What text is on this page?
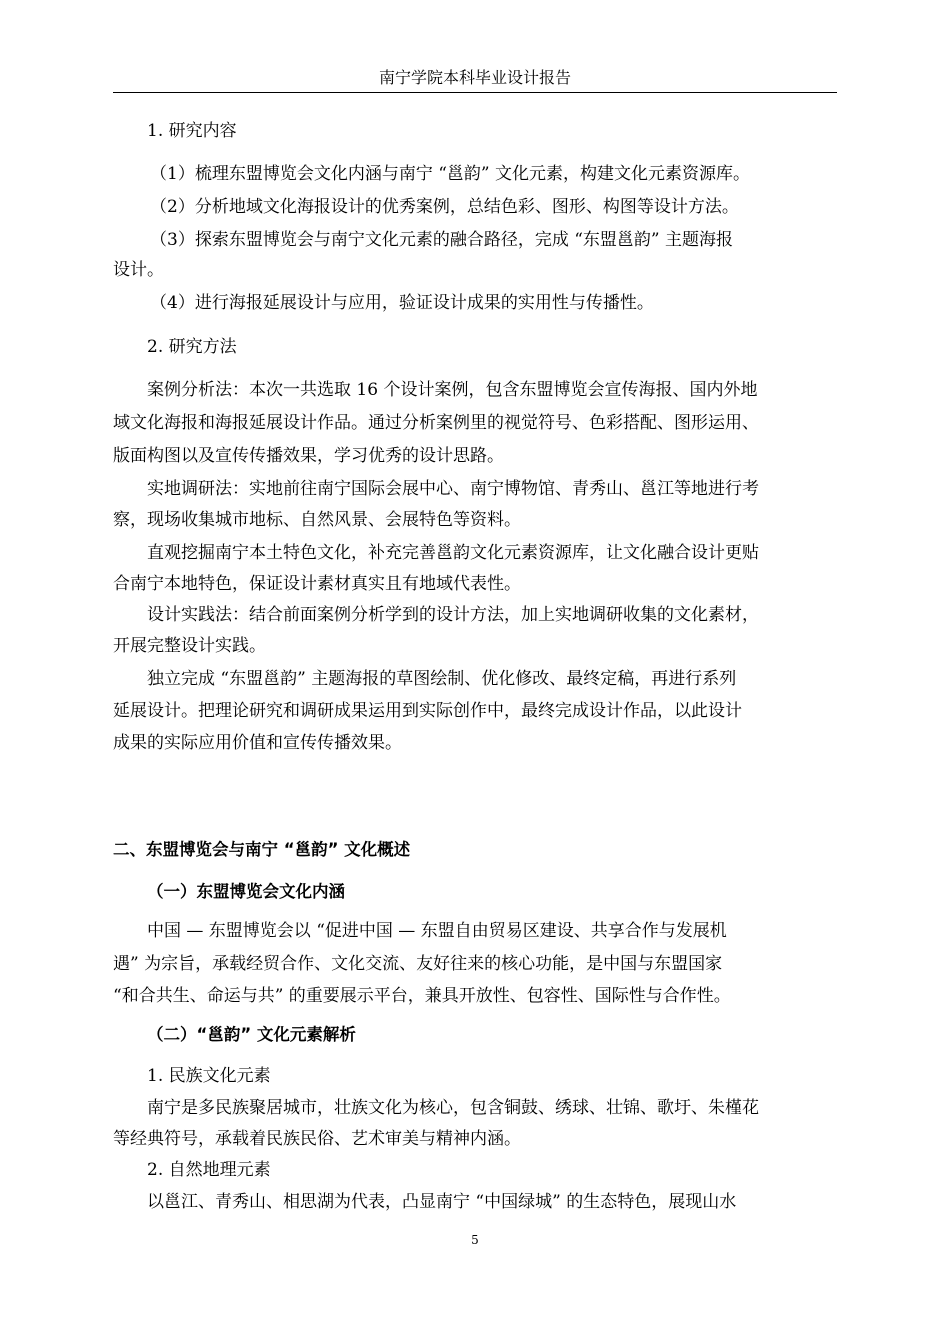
南宁学院本科毕业设计报告
1. 研究内容
（1）梳理东盟博览会文化内涵与南宁 “邕韵” 文化元素，构建文化元素资源库。
（2）分析地域文化海报设计的优秀案例，总结色彩、图形、构图等设计方法。
（3）探索东盟博览会与南宁文化元素的融合路径，完成 “东盟邕韵” 主题海报
设计。
（4）进行海报延展设计与应用，验证设计成果的实用性与传播性。
2. 研究方法
案例分析法：本次一共选取 16 个设计案例，包含东盟博览会宣传海报、国内外地
域文化海报和海报延展设计作品。通过分析案例里的视觉符号、色彩搭配、图形运用、
版面构图以及宣传传播效果，学习优秀的设计思路。
实地调研法：实地前往南宁国际会展中心、南宁博物馆、青秀山、邕江等地进行考
察，现场收集城市地标、自然风景、会展特色等资料。
直观挖掘南宁本土特色文化，补充完善邕韵文化元素资源库，让文化融合设计更贴
合南宁本地特色，保证设计素材真实且有地域代表性。
设计实践法：结合前面案例分析学到的设计方法，加上实地调研收集的文化素材，
开展完整设计实践。
独立完成 “东盟邕韵” 主题海报的草图绘制、优化修改、最终定稿，再进行系列
延展设计。把理论研究和调研成果运用到实际创作中，最终完成设计作品，以此设计
成果的实际应用价值和宣传传播效果。
二、东盟博览会与南宁 “邕韵” 文化概述
（一）东盟博览会文化内涵
中国 — 东盟博览会以 “促进中国 — 东盟自由贸易区建设、共享合作与发展机
遇” 为宗旨，承载经贸合作、文化交流、友好往来的核心功能，是中国与东盟国家
“和合共生、命运与共” 的重要展示平台，兼具开放性、包容性、国际性与合作性。
（二）“邕韵” 文化元素解析
1. 民族文化元素
南宁是多民族聚居城市，壮族文化为核心，包含铜鼓、绣球、壮锦、歌圩、朱槿花
等经典符号，承载着民族民俗、艺术审美与精神内涵。
2. 自然地理元素
以邕江、青秀山、相思湖为代表，凸显南宁 “中国绿城” 的生态特色，展现山水
5
